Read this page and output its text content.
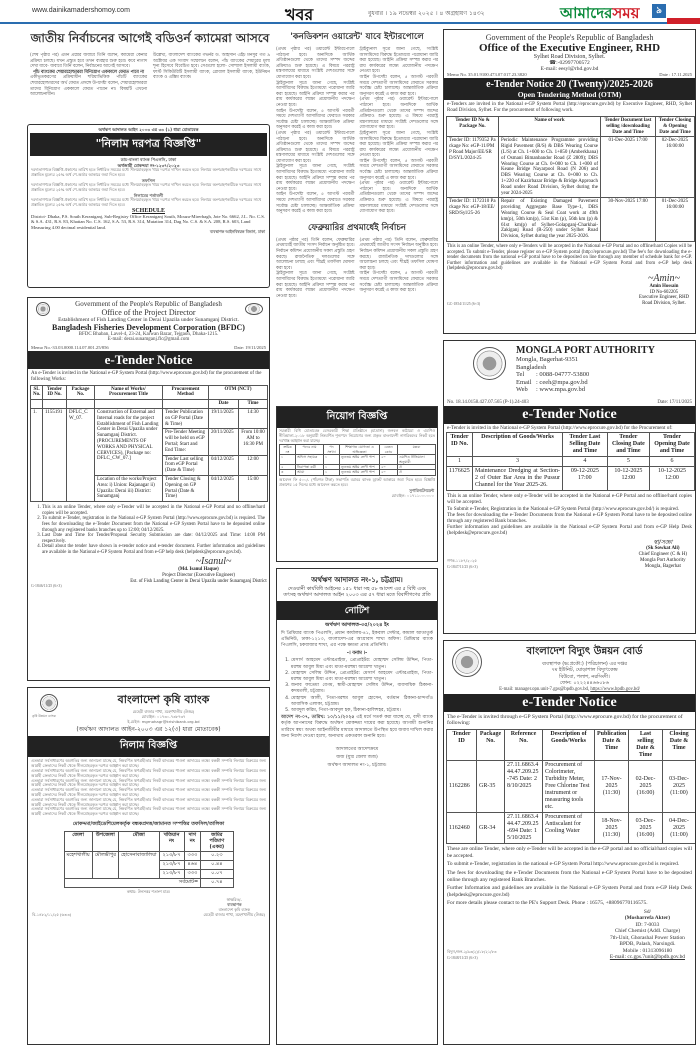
www.dainikamadershomoy.com	খবর	বুধবার । ১৯ নভেম্বর ২০২৫ । ৪ অগ্রহায়ণ ১৪৩২	আমাদেরসময়	৯
জাতীয় নির্বাচনের আগেই বডিওর্ন ক্যামেরা আসবে

(শেষ পৃষ্ঠার পর) এমন প্রশ্নের জবাবে তিনি বলেন, ক্যামেরা কেনার প্রক্রিয়া চলছে। যখন প্রস্তুত হবে তখন ব্যবহার শুরু হবে। কবে নাগাদ দেখা যাবে- জবাবে তিনি বলেন, নির্বাচনের আগেই আসবে।

পাঁচ ব্যাংকের শেয়ারহোল্ডাররা বিনিয়োগ এককালে ফেরত পাবে না

একীভূতকরণের প্রক্রিয়াধীন শরিয়াভিত্তিক পাঁচটি ব্যাংকের শেয়ারহোল্ডারদের অর্থ ফেরত প্রসঙ্গে উপদেষ্টা বলেন, শেয়ারহোল্ডাররা তাদের বিনিয়োগ এককালে ফেরত পাবেন না। বিষয়টি এখনো আলোচনাধীন।

উল্লেখ্য, বাংলাদেশ ব্যাংকের গভর্নর ড. আহসান এইচ মনসুর গত ৯ অক্টোবর এক সংবাদ সম্মেলনে বলেন, পাঁচ ব্যাংকের শেয়ারের মূল্য শূন্য হিসেবে বিবেচিত হবে। সেগুলো হলো- সোশ্যাল ইসলামী ব্যাংক, ফার্স্ট সিকিউরিটি ইসলামী ব্যাংক, গ্লোবাল ইসলামী ব্যাংক, ইউনিয়ন ব্যাংক ও এক্সিম ব্যাংক।

অর্থঋণ আদালত আইন ২০০৩ এর ৩৩ (১) ধারা মোতাবেক
"নিলাম দরপত্র বিজ্ঞপ্তি"
ডাচ-বাংলা ব্যাংক পিএলসি, ঢাকা
অর্থজারী মোকদ্দমা নং-১২৩৭/২০২৩
দরদাতাগণকে বিজ্ঞপ্তি প্রকাশের তারিখ হতে নির্ধারিত সময়ের মধ্যে সীলমোহরকৃত খামে দরপত্র দাখিল করতে হবে। নিলামে অংশগ্রহণকারীকে দরপত্রের সাথে প্রস্তাবিত মূল্যের ২৫% অর্থ পে-অর্ডার আকারে জমা দিতে হবে।
তফসিল
দরদাতাগণকে বিজ্ঞপ্তি প্রকাশের তারিখ হতে নির্ধারিত সময়ের মধ্যে সীলমোহরকৃত খামে দরপত্র দাখিল করতে হবে। নিলামে অংশগ্রহণকারীকে দরপত্রের সাথে প্রস্তাবিত মূল্যের ২৫% অর্থ পে-অর্ডার আকারে জমা দিতে হবে।
নিলামের শর্তাবলী
দরদাতাগণকে বিজ্ঞপ্তি প্রকাশের তারিখ হতে নির্ধারিত সময়ের মধ্যে সীলমোহরকৃত খামে দরপত্র দাখিল করতে হবে। নিলামে অংশগ্রহণকারীকে দরপত্রের সাথে প্রস্তাবিত মূল্যের ২৫% অর্থ পে-অর্ডার আকারে জমা দিতে হবে।
SCHEDULE
District- Dhaka, P.S. South Keraniganj, Sub-Registry Office Keraniganj South, Mouza-Mirerbagh, Jote No. 6662, J.L. No. C.S. & S.A. 431, R.S. 83, Khatian No. C.S. 162, S.A. 53, R.S. 314, Mutation 314, Dag No. C.S. & S.A. 208, R.S. 603, Land Measuring 4.00 decimal residential land.
ব্যবস্থাপক আইনবিষয়ক বিভাগ, ঢাকা
Government of the People's Republic of Bangladesh
Office of the Project Director
Establishment of Fish Landing Center in Derai Upazila under Sunamganj District.
Bangladesh Fisheries Development Corporation (BFDC)
BFDC Bhaban, Lavel-4, 23-24, Karwan Bazar, Tejgaon, Dhaka-1215.
E-mail: derai.sunamganj.flc@gmail.com
Memo No.-33.03.0000.114.07.001.25/856	Date: 19/11/2025
e-Tender Notice
An e-Tender is invited in the National e-GP System Portal (http://www.eprocure.gov.bd) for the procurement of the following Works:
SL No.	Tender ID No.	Package No.	Name of Works/ Procurement Title	Procurement Method	OTM (NCT)	
					Date	Time
1.	1155191	DFLC_CW_07.	Construction of External and Internal roads for the project Establishment of Fish Landing Center in Derai Upazila under Sunamganj District. (PROCUREMENTS OF WORKS AND PHYSICAL CERVICES), [Package no: DFLC_CW_07.]	Tender Publication on GP Portal (Date & Time)	19/11/2025	14:30
				Pre-Tender Meeting will be held on eGP Portal; Start and End Time:	20/11/2025	From 10:00 AM to 16:30 PM
				Tender Last selling from eGP Portal (Date & Time)	04/12/2025	12:00
			Location of the works/Project Area: i) Union: Rajanagar ii) Upazila: Derai iii) District: Sunamganj	Tender Closing & Opening on GP Portal (Date & Time)	04/12/2025	15:00
1. This is an online Tender, where only e-Tender will be accepted in the National e-GP Portal and no offline/hard copies will be accepted.
2. To submit e-Tender, registration in the National e-GP System Portal (http://www.eprocure.gov.bd) is required. The fees for downloading the e-Tender Document from the National e-GP System Portal have to be deposited online through any registered banks branches up to 12:00; 04/12/2025.
3. Last Date and Time for Tender/Proposal Security Submission are date: 04/12/2025 and Time: 14:00 PM respectively.
4. Detail about the tender have shown in e-tender notice and e-tender document. Further information and guidelines are available in the National e-GP System Portal and from e-GP help desk (helpdesk@eprocure.gov.bd).
~Isanul~
(Md. Isanul Haque)
Project Director (Executive Engineer)
Est. of Fish Landing Center in Derai Upazila under Sunamganj District
G-1846/11/25 (6×3)
কৃষি উন্নয়ন ব্যাংক
বাংলাদেশ কৃষি ব্যাংক
মেহেরী বাজার শাখা, মহেশখালীয় (উত্তর)
মোবাইল: ০১৭৩০-৭৩৮৭৩৭
ই-মেইল: mgrnohagr@krishibank.org.bd
(অর্থঋণ আদালত আইন-২০০৩ এর ১২(৩) ধারা মোতাবেক)
নিলাম বিজ্ঞপ্তি

এতদ্বারা সর্বসাধারণের অবগতির জন্য জানানো যাচ্ছে যে, নিম্নবর্ণিত ঋণগ্রহীতার নিকট ব্যাংকের পাওনা আদায়ের লক্ষ্যে বন্ধকী সম্পত্তি নিলামে বিক্রয়ের জন্য আগ্রহী ক্রেতাদের নিকট থেকে সীলমোহরকৃত দরপত্র আহ্বান করা যাচ্ছে।

এতদ্বারা সর্বসাধারণের অবগতির জন্য জানানো যাচ্ছে যে, নিম্নবর্ণিত ঋণগ্রহীতার নিকট ব্যাংকের পাওনা আদায়ের লক্ষ্যে বন্ধকী সম্পত্তি নিলামে বিক্রয়ের জন্য আগ্রহী ক্রেতাদের নিকট থেকে সীলমোহরকৃত দরপত্র আহ্বান করা যাচ্ছে।

এতদ্বারা সর্বসাধারণের অবগতির জন্য জানানো যাচ্ছে যে, নিম্নবর্ণিত ঋণগ্রহীতার নিকট ব্যাংকের পাওনা আদায়ের লক্ষ্যে বন্ধকী সম্পত্তি নিলামে বিক্রয়ের জন্য আগ্রহী ক্রেতাদের নিকট থেকে সীলমোহরকৃত দরপত্র আহ্বান করা যাচ্ছে।

এতদ্বারা সর্বসাধারণের অবগতির জন্য জানানো যাচ্ছে যে, নিম্নবর্ণিত ঋণগ্রহীতার নিকট ব্যাংকের পাওনা আদায়ের লক্ষ্যে বন্ধকী সম্পত্তি নিলামে বিক্রয়ের জন্য আগ্রহী ক্রেতাদের নিকট থেকে সীলমোহরকৃত দরপত্র আহ্বান করা যাচ্ছে।

এতদ্বারা সর্বসাধারণের অবগতির জন্য জানানো যাচ্ছে যে, নিম্নবর্ণিত ঋণগ্রহীতার নিকট ব্যাংকের পাওনা আদায়ের লক্ষ্যে বন্ধকী সম্পত্তি নিলামে বিক্রয়ের জন্য আগ্রহী ক্রেতাদের নিকট থেকে সীলমোহরকৃত দরপত্র আহ্বান করা যাচ্ছে।

এতদ্বারা সর্বসাধারণের অবগতির জন্য জানানো যাচ্ছে যে, নিম্নবর্ণিত ঋণগ্রহীতার নিকট ব্যাংকের পাওনা আদায়ের লক্ষ্যে বন্ধকী সম্পত্তি নিলামে বিক্রয়ের জন্য আগ্রহী ক্রেতাদের নিকট থেকে সীলমোহরকৃত দরপত্র আহ্বান করা যাচ্ছে।

মোকদ্দমা/জাইডেশিয়েলকর্তৃক বন্ধকপ্রদত্ত/জামানত সম্পত্তির তফসিল/তালিকা
জেলা	উপজেলা	মৌজা	খতিয়ান নং	দাগ নং	জমির পরিমাণ (একর)
মহেশখালীয়	মৌলভীপুর	হোসেনাবাজালিয়া	২১৩/৮৭	৩৩৩	০.২৩
			২১৩/৮৭	৪৬৪	০.৪৪
			২১৩/৮৭	৩৩৩	০.০৭
সর্বমোট=					০.৭৪
কথায়: উনসত্তর শতাংশ মাত্র।
বি-১৪৮২/১১/২৫ (৬×৩)
স্বাক্ষরিত/-
ব্যবস্থাপক
বাংলাদেশ কৃষি ব্যাংক
মেহেরী বাজার শাখা, মহেশখালীয় (উত্তর)
'কনডিকশন ওয়ারেন্ট' যাবে ইন্টারপোলে

(প্রথম পৃষ্ঠার পর) ওয়ারেন্ট ইন্টারপোলে পাঠানো হবে। অন্যদিকে আর্থিক প্রতিষ্ঠানগুলো থেকে তাদের সম্পদ জব্দের প্রক্রিয়াও শুরু হয়েছে। এ বিষয়ে পররাষ্ট্র মন্ত্রণালয়ের মাধ্যমে সংশ্লিষ্ট দেশগুলোর সঙ্গে যোগাযোগ করা হবে।

ট্রাইব্যুনাল সূত্রে জানা গেছে, সংশ্লিষ্ট আসামিদের বিরুদ্ধে ইতোমধ্যে পরোয়ানা জারি করা হয়েছে। আইনি প্রক্রিয়া সম্পন্ন করার পর রায় কার্যকরের লক্ষ্যে প্রয়োজনীয় পদক্ষেপ নেওয়া হবে।

আইন উপদেষ্টা বলেন, ৫ আগস্ট পরবর্তী সময়ে দেশত্যাগী আসামিদের ফেরাতে সরকার সর্বোচ্চ চেষ্টা চালাচ্ছে। আন্তর্জাতিক প্রক্রিয়া অনুসরণ করেই এ কাজ করা হবে।

(প্রথম পৃষ্ঠার পর) ওয়ারেন্ট ইন্টারপোলে পাঠানো হবে। অন্যদিকে আর্থিক প্রতিষ্ঠানগুলো থেকে তাদের সম্পদ জব্দের প্রক্রিয়াও শুরু হয়েছে। এ বিষয়ে পররাষ্ট্র মন্ত্রণালয়ের মাধ্যমে সংশ্লিষ্ট দেশগুলোর সঙ্গে যোগাযোগ করা হবে।

ট্রাইব্যুনাল সূত্রে জানা গেছে, সংশ্লিষ্ট আসামিদের বিরুদ্ধে ইতোমধ্যে পরোয়ানা জারি করা হয়েছে। আইনি প্রক্রিয়া সম্পন্ন করার পর রায় কার্যকরের লক্ষ্যে প্রয়োজনীয় পদক্ষেপ নেওয়া হবে।

আইন উপদেষ্টা বলেন, ৫ আগস্ট পরবর্তী সময়ে দেশত্যাগী আসামিদের ফেরাতে সরকার সর্বোচ্চ চেষ্টা চালাচ্ছে। আন্তর্জাতিক প্রক্রিয়া অনুসরণ করেই এ কাজ করা হবে।

ট্রাইব্যুনাল সূত্রে জানা গেছে, সংশ্লিষ্ট আসামিদের বিরুদ্ধে ইতোমধ্যে পরোয়ানা জারি করা হয়েছে। আইনি প্রক্রিয়া সম্পন্ন করার পর রায় কার্যকরের লক্ষ্যে প্রয়োজনীয় পদক্ষেপ নেওয়া হবে।

আইন উপদেষ্টা বলেন, ৫ আগস্ট পরবর্তী সময়ে দেশত্যাগী আসামিদের ফেরাতে সরকার সর্বোচ্চ চেষ্টা চালাচ্ছে। আন্তর্জাতিক প্রক্রিয়া অনুসরণ করেই এ কাজ করা হবে।

(প্রথম পৃষ্ঠার পর) ওয়ারেন্ট ইন্টারপোলে পাঠানো হবে। অন্যদিকে আর্থিক প্রতিষ্ঠানগুলো থেকে তাদের সম্পদ জব্দের প্রক্রিয়াও শুরু হয়েছে। এ বিষয়ে পররাষ্ট্র মন্ত্রণালয়ের মাধ্যমে সংশ্লিষ্ট দেশগুলোর সঙ্গে যোগাযোগ করা হবে।

ট্রাইব্যুনাল সূত্রে জানা গেছে, সংশ্লিষ্ট আসামিদের বিরুদ্ধে ইতোমধ্যে পরোয়ানা জারি করা হয়েছে। আইনি প্রক্রিয়া সম্পন্ন করার পর রায় কার্যকরের লক্ষ্যে প্রয়োজনীয় পদক্ষেপ নেওয়া হবে।

আইন উপদেষ্টা বলেন, ৫ আগস্ট পরবর্তী সময়ে দেশত্যাগী আসামিদের ফেরাতে সরকার সর্বোচ্চ চেষ্টা চালাচ্ছে। আন্তর্জাতিক প্রক্রিয়া অনুসরণ করেই এ কাজ করা হবে।

(প্রথম পৃষ্ঠার পর) ওয়ারেন্ট ইন্টারপোলে পাঠানো হবে। অন্যদিকে আর্থিক প্রতিষ্ঠানগুলো থেকে তাদের সম্পদ জব্দের প্রক্রিয়াও শুরু হয়েছে। এ বিষয়ে পররাষ্ট্র মন্ত্রণালয়ের মাধ্যমে সংশ্লিষ্ট দেশগুলোর সঙ্গে যোগাযোগ করা হবে।

ফেব্রুয়ারির প্রথমার্ধেই নির্বাচন

(প্রথম পৃষ্ঠার পর) তিনি বলেন, ফেব্রুয়ারির প্রথমার্ধেই জাতীয় সংসদ নির্বাচন অনুষ্ঠিত হবে। নির্বাচন কমিশন প্রয়োজনীয় সকল প্রস্তুতি গ্রহণ করছে। রাজনৈতিক দলগুলোর সঙ্গে আলোচনা চলছে এবং শীঘ্রই তফসিল ঘোষণা করা হবে।

ট্রাইব্যুনাল সূত্রে জানা গেছে, সংশ্লিষ্ট আসামিদের বিরুদ্ধে ইতোমধ্যে পরোয়ানা জারি করা হয়েছে। আইনি প্রক্রিয়া সম্পন্ন করার পর রায় কার্যকরের লক্ষ্যে প্রয়োজনীয় পদক্ষেপ নেওয়া হবে।

(প্রথম পৃষ্ঠার পর) তিনি বলেন, ফেব্রুয়ারির প্রথমার্ধেই জাতীয় সংসদ নির্বাচন অনুষ্ঠিত হবে। নির্বাচন কমিশন প্রয়োজনীয় সকল প্রস্তুতি গ্রহণ করছে। রাজনৈতিক দলগুলোর সঙ্গে আলোচনা চলছে এবং শীঘ্রই তফসিল ঘোষণা করা হবে।

আইন উপদেষ্টা বলেন, ৫ আগস্ট পরবর্তী সময়ে দেশত্যাগী আসামিদের ফেরাতে সরকার সর্বোচ্চ চেষ্টা চালাচ্ছে। আন্তর্জাতিক প্রক্রিয়া অনুসরণ করেই এ কাজ করা হবে।

নিয়োগ বিজ্ঞপ্তি
সরকারী বিধি মোতাবেক বেসরকারী শিক্ষা প্রতিষ্ঠানে (মাদ্রাসা) জনবল কাঠামো ও এমপিও নীতিমালা-২০১৮ অনুযায়ী নিম্নবর্ণিত শূন্যপদে নিয়োগের জন্য প্রকৃত বাংলাদেশী নাগরিকদের নিকট হতে দরখাস্ত আহ্বান করা যাচ্ছে।
ক্রমিক নং	পদের নাম	পদ সংখ্যা	শিক্ষাগত যোগ্যতা ও অভিজ্ঞতা	বেতন কোড	মন্তব্য
১	অফিস সহায়ক	১	ন্যূনতম অষ্টম শ্রেণী পাশ	২০	এমপিও নীতিমালা অনুযায়ী
২	নিরাপত্তা কর্মী	১	ন্যূনতম অষ্টম শ্রেণী পাশ	২০	ঐ
৩	আয়া	১	ন্যূনতম অষ্টম শ্রেণী পাশ	২০	ঐ
আবেদন ফি ৫০০/- (পাঁচশত টাকা) সভাপতি বরাবর ব্যাংক ড্রাফট আকারে জমা দিতে হবে। বিজ্ঞপ্তি প্রকাশের ১৫ দিনের মধ্যে আবেদন করতে হবে।
সুপারিনটেনডেন্ট
মোবাইল: ০১৭১১০০০০০০
অর্থঋণ আদালত নং-১, চট্টগ্রাম।
দেওয়ানী কার্যবিধি আইনের ১৫১ ধারা সহ ৫৮ আদেশ এর ৫ বিধি এবং তৎসহ অর্থঋণ আদালত আইন ২০০৩ এর ৫৭ ধারা মতে বিবাদীগণের প্রতি
নোটিশ
অর্থঋণ আদালত-৩৫/২০২৪ ইং
দি প্রিমিয়ার ব্যাংক পিএলসি, প্রধান কার্যালয়-৪১, ইকবাল সেন্টার, কামাল আতাতুর্ক এভিনিউ, ঢাকা-১২১৩, বাংলাদেশ-এর আগ্রাবাদ শাখা অফিস: প্রিমিয়ার ব্যাংক পিএলসি, চকবাজার শাখা, এর পক্ষে ক্ষমতা প্রাপ্ত প্রতিনিধি।
-। বনাম ।-
1. মেসার্স আহমেদ এন্টারপ্রাইজ, প্রোপ্রাইটর: মোহাম্মদ সেলিম উদ্দিন, পিতা-মরহুম আবুল মিয়া এবং মাতা-মরহুমা আয়েশা খাতুন।
2. মোহাম্মদ সেলিম উদ্দিন, প্রোপ্রাইটর: মেসার্স আহমেদ এন্টারপ্রাইজ, পিতা-মরহুম আবুল মিয়া এবং মাতা-মরহুমা আয়েশা খাতুন।
3. জনাব ফাতেমা বেগম, স্বামী-মোহাম্মদ সেলিম উদ্দিন, ব্যবসায়িক ঠিকানা-কদমতলী, চট্টগ্রাম।
4. মোহাম্মদ আলী, পিতা-মরহুম আবুল হোসেন, বর্তমান ঠিকানা-চান্দগাঁও আবাসিক এলাকা, চট্টগ্রাম।
5. আবদুল করিম, পিতা-আবদুল হক, ঠিকানা-হালিশহর, চট্টগ্রাম।
আদেশ নং-০৭, তারিখ: ১০/১১/২০২৫ এই মর্মে সতর্ক করা যাচ্ছে যে, বাদী ব্যাংক কর্তৃক আপনাদের বিরুদ্ধে অর্থঋণ মোকদ্দমা দায়ের করা হয়েছে। আগামী শুনানির তারিখে স্বয়ং অথবা আইনজীবীর মাধ্যমে আদালতে উপস্থিত হয়ে জবাব দাখিল করার জন্য নির্দেশ দেওয়া হলো, অন্যথায় একতরফা শুনানি হবে।
আদালতের আদেশক্রমে
জজ (যুগ্ম জেলা জজ)
অর্থঋণ আদালত নং-১, চট্টগ্রাম।
Government of the People's Republic of Bangladesh
Office of the Executive Engineer, RHD
Sylhet Road Division, Sylhet.
☎:-02997700572
E-mail: eesyl@rhd.gov.bd
Memo No. 35.01.9100.473.07.017.23.3820	Date : 17.11.2025
e-Tender Notice 20 (Twenty)/2025-2026
Open Tendering Method (OTM)
e-Tenders are invited in the National e-GP System Portal (http://eprocure.gov.bd) by Executive Engineer, RHD, Sylhet Road Division, Sylhet. For the procurement of following work.
Tender ID No & Package No.	Name of work	Tender Document last selling /downloading Date and Time	Tender Closing & Opening Date and Time
Tender ID: 1179352 Package No: eGP-11/PMP Road Major/EE/SRD/SYL/2024-25	Periodic Maintenance Programme providing Rigid Pavement (R/S) & DBS Wearing Course (L/S) at Ch. 1+600 to Ch. 1+850 (Amberkhana) of Osmani Bimanbandor Road (Z 2809); DBS Wearing Course at Ch. 0+000 to Ch. 1+000 of Keane Bridge Nayarpool Road (N 206) and DBS Wearing Course at Ch. 0+000 to Ch. 1+220 of Kazirbazar Bridge & Bridge Approach Road under Road Division, Sylhet during the year 2024-2025	01-Dec-2025 17:00	02-Dec-2025 16:00:00
Tender ID: 1172310 Package No: eGP-18/EE/SRD/Syl/25-26	Repair of Existing Damaged Pavement providing Aggregate Base Type-1, DBS Wearing Course & Seal Coat work at 49th km(p), 50th km(p), 51st Km (p), 56th km (p) & 61st km(p) of Sylhet-Golapganj-Charkhai-Zakiganj Road (R-250) under Sylhet Road Division, Sylhet during the year 2025-2026.	30-Nov-2025 17:00	01-Dec-2025 16:00:00
This is an online Tender, where only e-Tenders will be accepted in the National e-GP Portal and no offline/hard Copies will be accepted. To submit e-Tender, please register on e-GP System portal (http://eprocure.gov.bd) The fee's for downloading the e-tender documents from the national e-GP portal have to be deposited on line through any member of schedule bank for e-GP. Further information and guidelines are available in the National e-GP System Portal and from e-GP help desk (helpdesk@eprocure.gov.bd)
GC-1854/11/25 (6×3)
~Amin~
Amin Hossain
ID No-602205
Executive Engineer, RHD
Road Division, Sylhet.
MONGLA PORT AUTHORITY
Mongla, Bagerhat-9351
Bangladesh
Tel : 0088-04777-53800
Email : ceeh@mpa.gov.bd
Web : www.mpa.gov.bd
No. 18.14.0158.427.07.565 (P-1).24-403	Date: 17/11/2025
e-Tender Notice
e-Tender is invited in the National e-GP System Portal (http://www.eprocure.gov.bd) for the Procurement of:
Tender ID No.	Description of Goods/Works	Tender Last Selling Date and Time	Tender Closing Date and Time	Tender Opening Date and Time
1	3	4	5	6
1176625	Maintenance Dredging at Section-2 of Outer Bar Area in the Pussur Channel for the Year 2025-26.	09-12-2025 17:00	10-12-2025 12:00	10-12-2025 12:00
This is an online Tender, where only e-Tender will be accepted in the National e-GP Portal and no offline/hard copies will be accepted.
To Submit e-Tender, Registration in the National e-GP System Portal (http://www.eprocure.gov.bd/) is required.
The fees for downloading the e-Tender Documents from the National e-GP System Portal have to be deposited online through any registered Bank branches.
Further information and guidelines are available in the National e-GP System Portal and from e-GP Help Desk (helpdesk@eprocure.gov.bd)
গণক-১১৮৭/২০২৫
G-1847/11/25 (6×3)
স্বা/সজ্ঞা
(Sk Sowkat Ali)
Chief Engineer (C & H)
Mongla Port Authority
Mongla, Bagerhat
বাংলাদেশ বিদ্যুৎ উন্নয়ন বোর্ড
ব্যবস্থাপক (ভ:প্রকৌ:) (পরিচালন) এর দপ্তর
৭ম ইউনিট, ঘোড়াশাল বিদ্যুৎকেন্দ্র
বিউবো, পলাশ, নরসিংদী।
ফোন: ০২২২৪৪৬৬০৮৬
E-mail: manager.opn.unit-7.gps@bpdb.gov.bd, https://www.bpdb.gov.bd/
e-Tender Notice
The e-Tender is invited through e-GP System Portal (http://www.eprocure.gov.bd) for the procurement of following:
Tender ID	Package No.	Reference No.	Description of Goods/Works	Publication Date & Time	Last selling Date & Time	Closing Date & Time
1162286	GR-35	27.11.6863.444.47.209.25-745 Date: 28/10/2025	Procurement of Colorimeter, Turbidity Meter, Free Chlorine Test instrument or measuring tools etc.	17-Nov-2025 (11:30)	02-Dec-2025 (16:00)	03-Dec-2025 (11:00)
1162460	GR-34	27.11.6863.444.47.209.25-694 Date: 15/10/2025	Procurement of Antiscalant for Cooling Water	18-Nov-2025 (11:30)	03-Dec-2025 (16:00)	04-Dec-2025 (11:00)

These are online Tender, where only e-Tender will be accepted in the e-GP portal and no official/hard copies will be accepted.

To submit e-Tender, registration in the national e-GP System Portal http://www.eprocure.gov.bd is required.

The fees for downloading the e-Tender Documents from the National e-GP System Portal have to be deposited online through any registered Bank Branches.

Further Information and guidelines are available in the National e-GP System Portal and from e-GP Help Desk (helpdesk@eprocure.gov.bd)

For more details please contact to the PE's Support Desk. Phone : 16575, +88096770116575.

বিদ্যুৎ/জন-২/৯৩(২)/১৮/২১/৮৩
G-1848/11/25 (6×3)
Sd/
(Mosharrefa Akter)
ID: 7-0033
Chief Chemist (Addl. Charge)
7th-Unit, Ghorashal Power Station
BPDB, Palash, Narsingdi.
Mobile : 01313096180
E-mail: cc.gps.7unit@bpdb.gov.bd
